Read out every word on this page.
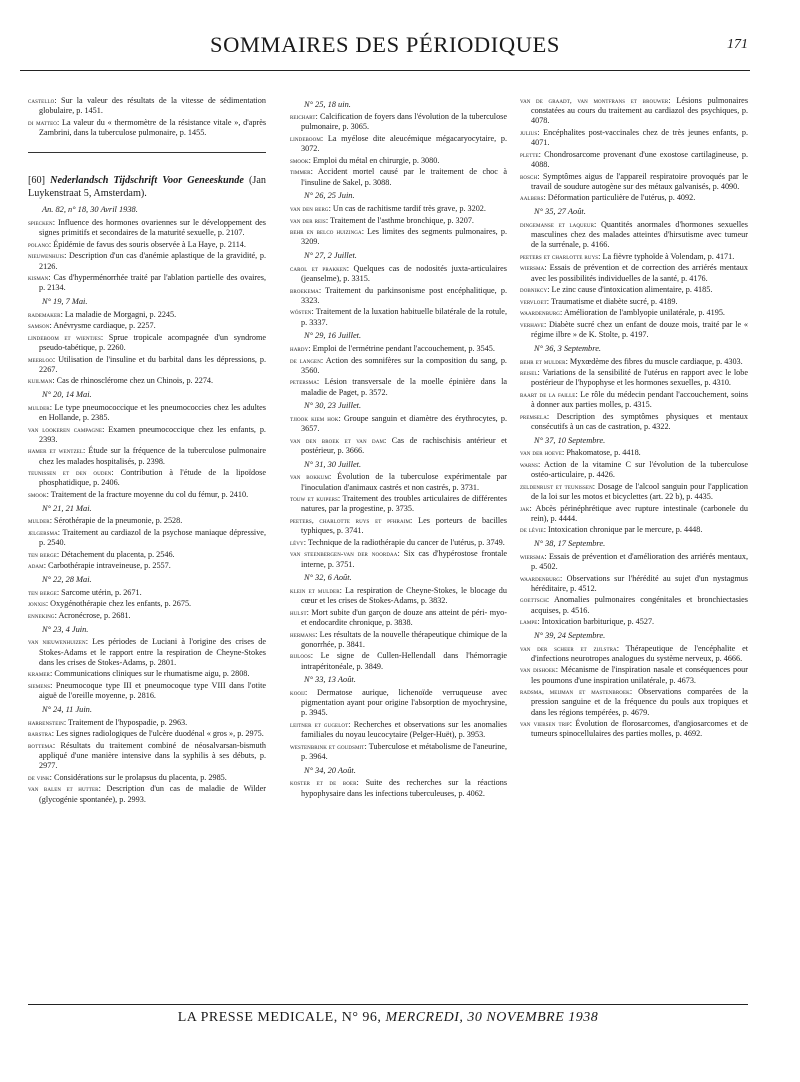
SOMMAIRES DES PÉRIODIQUES	171
castello: Sur la valeur des résultats de la vitesse de sédimentation globulaire, p. 1451.
di matteo: La valeur du « thermomètre de la résistance vitale », d'après Zambrini, dans la tuberculose pulmonaire, p. 1455.
[60] Nederlandsch Tijdschrift Voor Geneeskunde (Jan Luykenstraat 5, Amsterdam).
An. 82, n° 18, 30 Avril 1938.
spiecken: Influence des hormones ovariennes sur le développement des signes primitifs et secondaires de la maturité sexuelle, p. 2107.
polano: Épidémie de favus des souris observée à La Haye, p. 2114.
nieuwenhuis: Description d'un cas d'anémie aplastique de la gravidité, p. 2126.
kisman: Cas d'hyperménorrhée traité par l'ablation partielle des ovaires, p. 2134.
N° 19, 7 Mai.
rademaker: La maladie de Morgagni, p. 2245.
samson: Anévrysme cardiaque, p. 2257.
lindeboom et wientjes: Sprue tropicale acompagnée d'un syndrome pseudo-tabétique, p. 2260.
meerloo: Utilisation de l'insuline et du barbital dans les dépressions, p. 2267.
kuilman: Cas de rhinosclérome chez un Chinois, p. 2274.
N° 20, 14 Mai.
mulder: Le type pneumococcique et les pneumococcies chez les adultes en Hollande, p. 2385.
van lookeren campagne: Examen pneumococcique chez les enfants, p. 2393.
hamer et wentzel: Étude sur la fréquence de la tuberculose pulmonaire chez les malades hospitalisés, p. 2398.
teunissen et den ouden: Contribution à l'étude de la lipoïdose phosphatidique, p. 2406.
smook: Traitement de la fracture moyenne du col du fémur, p. 2410.
N° 21, 21 Mai.
mulder: Sérothérapie de la pneumonie, p. 2528.
jelgersma: Traitement au cardiazol de la psychose maniaque dépressive, p. 2540.
ten berge: Détachement du placenta, p. 2546.
adam: Carbothérapie intraveineuse, p. 2557.
N° 22, 28 Mai.
ten berge: Sarcome utérin, p. 2671.
jonxis: Oxygénothérapie chez les enfants, p. 2675.
enneking: Acronécrose, p. 2681.
N° 23, 4 Juin.
van nieuwenhuizen: Les périodes de Luciani à l'origine des crises de Stokes-Adams et le rapport entre la respiration de Cheyne-Stokes dans les crises de Stokes-Adams, p. 2801.
kramer: Communications cliniques sur le rhumatisme aigu, p. 2808.
siemens: Pneumocoque type III et pneumocoque type VIII dans l'otite aiguë de l'oreille moyenne, p. 2816.
N° 24, 11 Juin.
harrenstein: Traitement de l'hypospadie, p. 2963.
barstra: Les signes radiologiques de l'ulcère duodénal « gros », p. 2975.
bottema: Résultats du traitement combiné de néosalvarsan-bismuth appliqué d'une manière intensive dans la syphilis à ses débuts, p. 2977.
de vink: Considérations sur le prolapsus du placenta, p. 2985.
van balen et hutter: Description d'un cas de maladie de Wilder (glycogénie spontanée), p. 2993.
N° 25, 18 uin.
reichart: Calcification de foyers dans l'évolution de la tuberculose pulmonaire, p. 3065.
lindeboom: La myélose dite aleucémique mégacaryocytaire, p. 3072.
smook: Emploi du métal en chirurgie, p. 3080.
timmer: Accident mortel causé par le traitement de choc à l'insuline de Sakel, p. 3088.
N° 26, 25 Juin.
van den berg: Un cas de rachitisme tardif très grave, p. 3202.
van der reis: Traitement de l'asthme bronchique, p. 3207.
behr en belco huizinga: Les limites des segments pulmonaires, p. 3209.
N° 27, 2 Juillet.
carol et prakken: Quelques cas de nodosités juxta-articulaires (jeanselme), p. 3315.
broekema: Traitement du parkinsonisme post encéphalitique, p. 3323.
wösten: Traitement de la luxation habituelle bilatérale de la rotule, p. 3337.
N° 29, 16 Juillet.
hardy: Emploi de l'ermétrine pendant l'accouchement, p. 3545.
de langen: Action des somnifères sur la composition du sang, p. 3560.
petersma: Lésion transversale de la moelle épinière dans la maladie de Paget, p. 3572.
N° 30, 23 Juillet.
tjiook kiem hok: Groupe sanguin et diamètre des érythrocytes, p. 3657.
van den broek et van dam: Cas de rachischisis antérieur et postérieur, p. 3666.
N° 31, 30 Juillet.
van bokkum: Évolution de la tuberculose expérimentale par l'inoculation d'animaux castrés et non castrés, p. 3731.
touw et kuipers: Traitement des troubles articulaires de différentes natures, par la progestine, p. 3735.
peeters, charlotte ruys et pfhraim: Les porteurs de bacilles typhiques, p. 3741.
lévy: Technique de la radiothérapie du cancer de l'utérus, p. 3749.
van steenbergen-van der noordaa: Six cas d'hypérostose frontale interne, p. 3751.
N° 32, 6 Août.
klein et mulder: La respiration de Cheyne-Stokes, le blocage du cœur et les crises de Stokes-Adams, p. 3832.
hulst: Mort subite d'un garçon de douze ans atteint de péri- myo- et endocardite chronique, p. 3838.
hermans: Les résultats de la nouvelle thérapeutique chimique de la gonorrhée, p. 3841.
bijloos: Le signe de Cullen-Hellendall dans l'hémorragie intrapéritonéale, p. 3849.
N° 33, 13 Août.
kooij: Dermatose aurique, lichenoïde verruqueuse avec pigmentation ayant pour origine l'absorption de myochrysine, p. 3945.
leitner et gugelot: Recherches et observations sur les anomalies familiales du noyau leucocytaire (Pelger-Huët), p. 3953.
westenbrink et goudsmit: Tuberculose et métabolisme de l'aneurine, p. 3964.
N° 34, 20 Août.
koster et de boer: Suite des recherches sur la réactions hypophysaire dans les infections tuberculeuses, p. 4062.
van de graadt, van montfrans et brouwer: Lésions pulmonaires constatées au cours du traitement au cardiazol des psychiques, p. 4078.
julius: Encéphalites post-vaccinales chez de très jeunes enfants, p. 4071.
plette: Chondrosarcome provenant d'une exostose cartilagineuse, p. 4088.
bosch: Symptômes aigus de l'appareil respiratoire provoqués par le travail de soudure autogène sur des métaux galvanisés, p. 4090.
aalbers: Déformation particulière de l'utérus, p. 4092.
N° 35, 27 Août.
dingemanse et laqueur: Quantités anormales d'hormones sexuelles masculines chez des malades atteintes d'hirsutisme avec tumeur de la surrénale, p. 4166.
peeters et charlotte ruys: La fièvre typhoïde à Volendam, p. 4171.
wiersma: Essais de prévention et de correction des arriérés mentaux avec les possibilités individuelles de la santé, p. 4176.
dobnikcy: Le zinc cause d'intoxication alimentaire, p. 4185.
vervloet: Traumatisme et diabète sucré, p. 4189.
waardenburg: Amélioration de l'amblyopie unilatérale, p. 4195.
verhave: Diabète sucré chez un enfant de douze mois, traité par le « régime ilbre » de K. Stolte, p. 4197.
N° 36, 3 Septembre.
behr et mulder: Myxœdème des fibres du muscle cardiaque, p. 4303.
reisel: Variations de la sensibilité de l'utérus en rapport avec le lobe postérieur de l'hypophyse et les hormones sexuelles, p. 4310.
baart de la faille: Le rôle du médecin pendant l'accouchement, soins à donner aux parties molles, p. 4315.
premsela: Description des symptômes physiques et mentaux consécutifs à un cas de castration, p. 4322.
N° 37, 10 Septembre.
van der hoeve: Phakomatose, p. 4418.
warns: Action de la vitamine C sur l'évolution de la tuberculose ostéo-articulaire, p. 4426.
zeldenrust et teunissen: Dosage de l'alcool sanguin pour l'application de la loi sur les motos et bicyclettes (art. 22 b), p. 4435.
jak: Abcès périnéphrétique avec rupture intestinale (carbonele du rein), p. 4444.
de lévie: Intoxication chronique par le mercure, p. 4448.
N° 38, 17 Septembre.
wiersma: Essais de prévention et d'amélioration des arriérés mentaux, p. 4502.
waardenburg: Observations sur l'hérédité au sujet d'un nystagmus héréditaire, p. 4512.
goettsch: Anomalies pulmonaires congénitales et bronchiectasies acquises, p. 4516.
lampe: Intoxication barbiturique, p. 4527.
N° 39, 24 Septembre.
van der scheer et zijlstra: Thérapeutique de l'encéphalite et d'infections neurotropes analogues du système nerveux, p. 4666.
van dishoek: Mécanisme de l'inspiration nasale et conséquences pour les poumons d'une inspiration unilatérale, p. 4673.
radsma, meijman et mastenbroek: Observations comparées de la pression sanguine et de la fréquence du pouls aux tropiques et dans les régions tempérées, p. 4679.
van viersen trip: Évolution de florosarcomes, d'angiosarcomes et de tumeurs spinocellulaires des parties molles, p. 4692.
LA PRESSE MEDICALE, N° 96, MERCREDI, 30 NOVEMBRE 1938
